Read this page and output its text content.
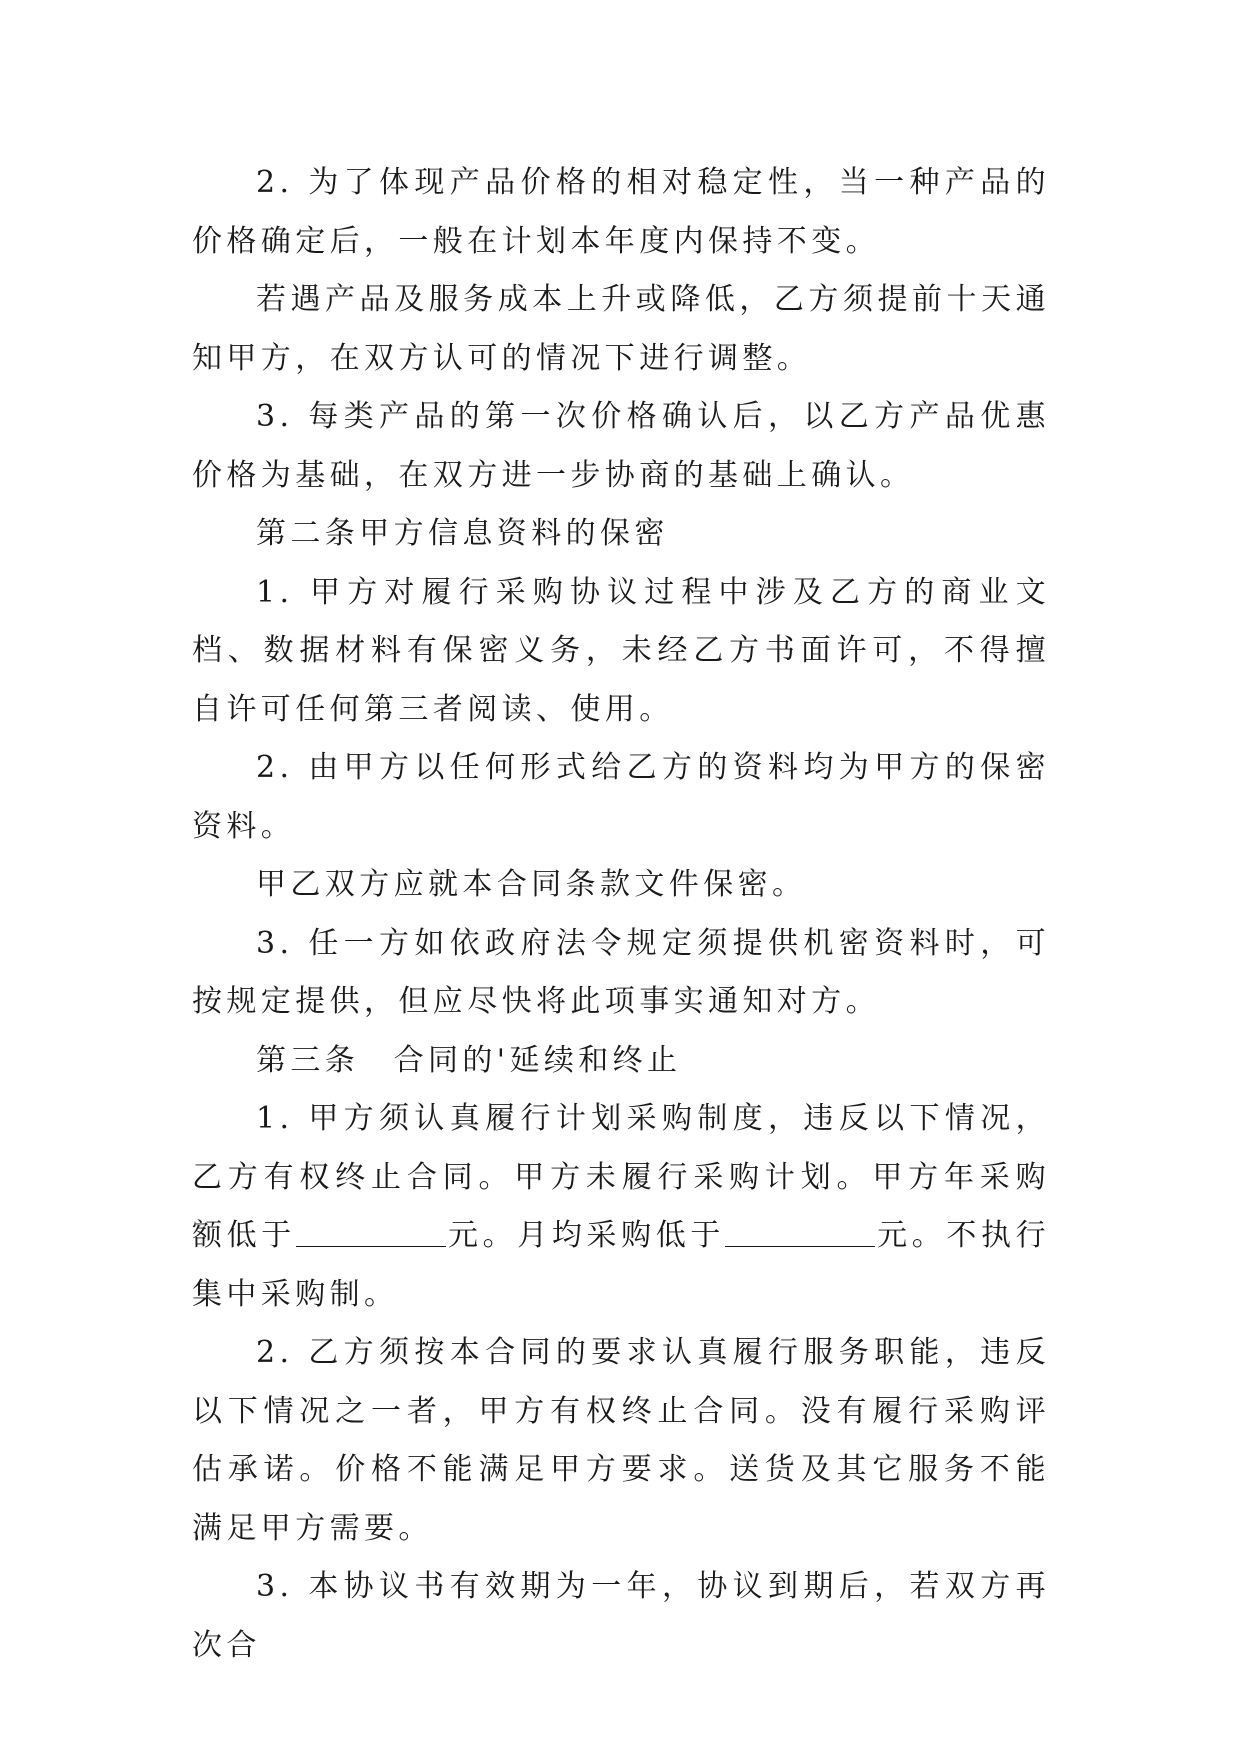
2. 为了体现产品价格的相对稳定性，当一种产品的价格确定后，一般在计划本年度内保持不变。

若遇产品及服务成本上升或降低，乙方须提前十天通知甲方，在双方认可的情况下进行调整。

3. 每类产品的第一次价格确认后，以乙方产品优惠价格为基础，在双方进一步协商的基础上确认。

第二条甲方信息资料的保密

1. 甲方对履行采购协议过程中涉及乙方的商业文档、数据材料有保密义务，未经乙方书面许可，不得擅自许可任何第三者阅读、使用。

2. 由甲方以任何形式给乙方的资料均为甲方的保密资料。

甲乙双方应就本合同条款文件保密。

3. 任一方如依政府法令规定须提供机密资料时，可按规定提供，但应尽快将此项事实通知对方。

第三条　合同的'延续和终止

1. 甲方须认真履行计划采购制度，违反以下情况，乙方有权终止合同。甲方未履行采购计划。甲方年采购额低于	元。月均采购低于	元。不执行集中采购制。

2. 乙方须按本合同的要求认真履行服务职能，违反以下情况之一者，甲方有权终止合同。没有履行采购评估承诺。价格不能满足甲方要求。送货及其它服务不能满足甲方需要。

3. 本协议书有效期为一年，协议到期后，若双方再次合
